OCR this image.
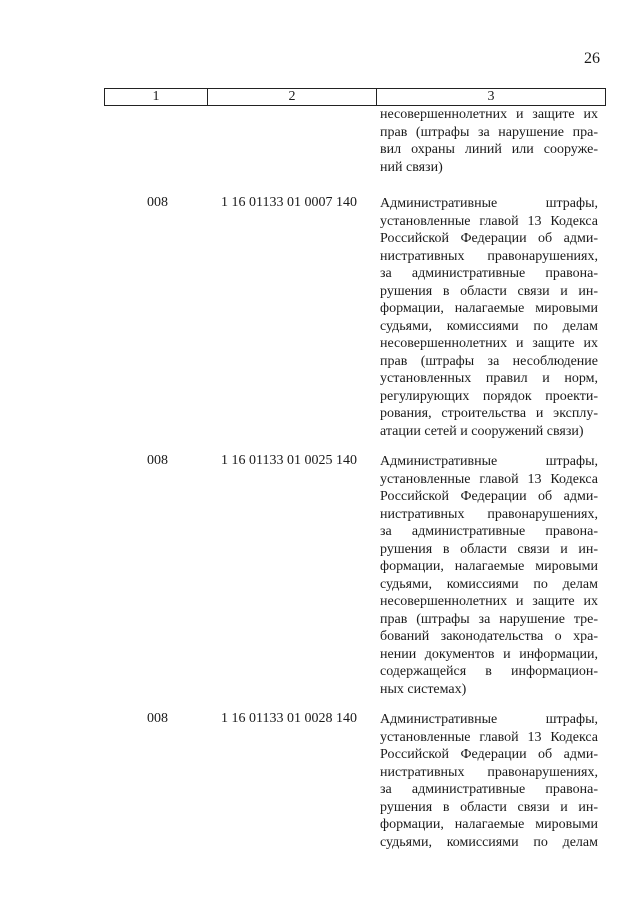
26
1	2	3
несовершеннолетних и защите их
прав (штрафы за нарушение пра-
вил охраны линий или сооруже-
ний связи)
008	1 16 01133 01 0007 140 Административные штрафы,
установленные главой 13 Кодекса
Российской Федерации об адми-
нистративных правонарушениях,
за административные правона-
рушения в области связи и ин-
формации, налагаемые мировыми
судьями, комиссиями по делам
несовершеннолетних и защите их
прав (штрафы за несоблюдение
установленных правил и норм,
регулирующих порядок проекти-
рования, строительства и эксплу-
атации сетей и сооружений связи)
008	1 16 01133 01 0025 140 Административные штрафы,
установленные главой 13 Кодекса
Российской Федерации об адми-
нистративных правонарушениях,
за административные правона-
рушения в области связи и ин-
формации, налагаемые мировыми
судьями, комиссиями по делам
несовершеннолетних и защите их
прав (штрафы за нарушение тре-
бований законодательства о хра-
нении документов и информации,
содержащейся в информацион-
ных системах)
008	1 16 01133 01 0028 140 Административные штрафы,
установленные главой 13 Кодекса
Российской Федерации об адми-
нистративных правонарушениях,
за административные правона-
рушения в области связи и ин-
формации, налагаемые мировыми
судьями, комиссиями по делам
